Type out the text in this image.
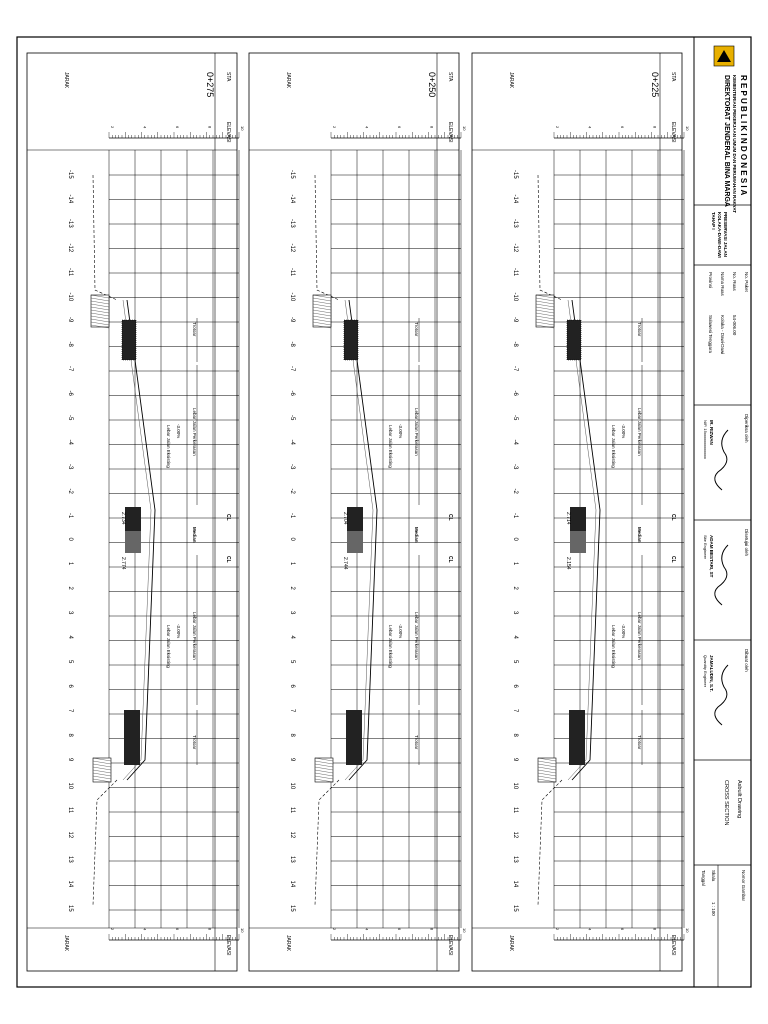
R E P U B L I K I N D O N E S I A
KEMENTERIAN PEKERJAAN UMUM DAN PERUMAHAN RAKYAT
DIREKTORAT JENDERAL BINA MARGA
PRESERVASI JALAN
KOLAKA-DAWI-DAWI
TAHAP I
No. Paket
No. Ruas
54-006.00
Nama Ruas
Kolaka - Dawi-Dawi
Provinsi
Sulawesi Tenggara
Diperiksa oleh
IR. RIZWAN
NIP. 19xxxxxxxxxxxxx
Disetujui oleh
ADAM BESTARI, ST
Site Engineer
Dibuat oleh
JAMALUDIN, S.T.
Quantity Engineer
Asbuilt Drawing
CROSS SECTION
Nomor Gambar
Skala
1 : 100
Tanggal
STA
0+225
ELEVASI
ELEVASI
JARAK
JARAK
2	4	6	8	10
2	4	6	8	10
-15
-14
-13
-12
-11
-10
-9
-8
-7
-6
-5
-4
-3
-2
-1
0
1
2
3
4
5
6
7
8
9
10
11
12
13
14
15
Trotoar
Lebar Jalan Perkerasan
Median
Lebar Jalan Perkerasan
Trotoar
Lebar Jalan Eksisting
Lebar Jalan Eksisting
-3.00%
-3.00%
CL
CL
2.714
2.154
STA
0+250
ELEVASI
ELEVASI
JARAK
JARAK
2	4	6	8	10
2	4	6	8	10
-15
-14
-13
-12
-11
-10
-9
-8
-7
-6
-5
-4
-3
-2
-1
0
1
2
3
4
5
6
7
8
9
10
11
12
13
14
15
Trotoar
Lebar Jalan Perkerasan
Median
Lebar Jalan Perkerasan
Trotoar
Lebar Jalan Eksisting
Lebar Jalan Eksisting
-3.00%
-3.00%
CL
CL
2.704
2.744
STA
0+275
ELEVASI
ELEVASI
JARAK
JARAK
2	4	6	8	10
2	4	6	8	10
-15
-14
-13
-12
-11
-10
-9
-8
-7
-6
-5
-4
-3
-2
-1
0
1
2
3
4
5
6
7
8
9
10
11
12
13
14
15
Trotoar
Lebar Jalan Perkerasan
Median
Lebar Jalan Perkerasan
Trotoar
Lebar Jalan Eksisting
Lebar Jalan Eksisting
-3.00%
-3.00%
CL
CL
2.734
2.774
